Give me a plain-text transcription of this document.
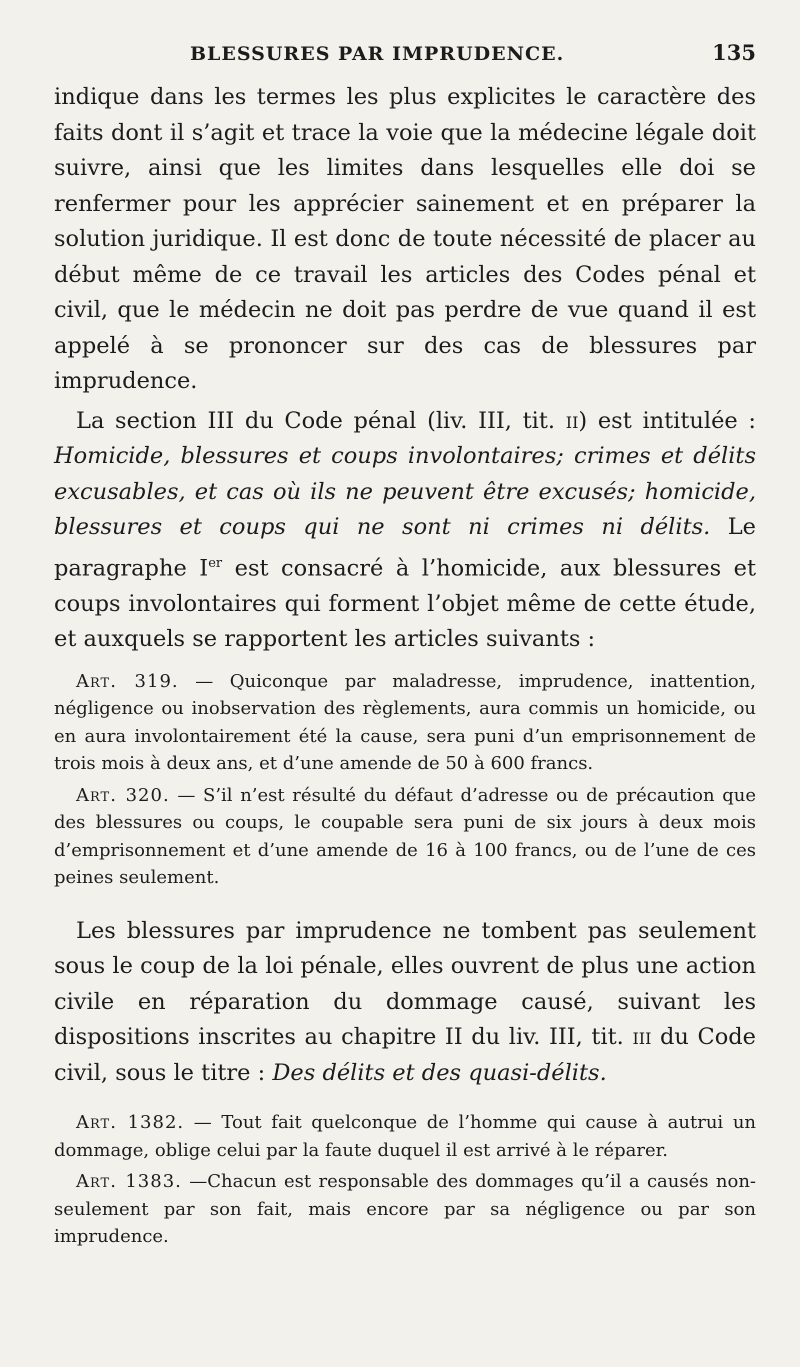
BLESSURES PAR IMPRUDENCE.	135

indique dans les termes les plus explicites le caractère des faits dont il s’agit et trace la voie que la médecine légale doit suivre, ainsi que les limites dans lesquelles elle doi se renfermer pour les apprécier sainement et en préparer la solution juridique. Il est donc de toute nécessité de placer au début même de ce travail les articles des Codes pénal et civil, que le médecin ne doit pas perdre de vue quand il est appelé à se prononcer sur des cas de blessures par imprudence.

La section III du Code pénal (liv. III, tit. ii) est intitulée : Homicide, blessures et coups involontaires; crimes et délits excusables, et cas où ils ne peuvent être excusés; homicide, blessures et coups qui ne sont ni crimes ni délits. Le paragraphe Ier est consacré à l’homicide, aux blessures et coups involontaires qui forment l’objet même de cette étude, et auxquels se rapportent les articles suivants :

Art. 319. — Quiconque par maladresse, imprudence, inattention, négligence ou inobservation des règlements, aura commis un homicide, ou en aura involontairement été la cause, sera puni d’un emprisonnement de trois mois à deux ans, et d’une amende de 50 à 600 francs.

Art. 320. — S’il n’est résulté du défaut d’adresse ou de précaution que des blessures ou coups, le coupable sera puni de six jours à deux mois d’emprisonnement et d’une amende de 16 à 100 francs, ou de l’une de ces peines seulement.

Les blessures par imprudence ne tombent pas seulement sous le coup de la loi pénale, elles ouvrent de plus une action civile en réparation du dommage causé, suivant les dispositions inscrites au chapitre II du liv. III, tit. iii du Code civil, sous le titre : Des délits et des quasi-délits.

Art. 1382. — Tout fait quelconque de l’homme qui cause à autrui un dommage, oblige celui par la faute duquel il est arrivé à le réparer.

Art. 1383. —Chacun est responsable des dommages qu’il a causés non-seulement par son fait, mais encore par sa négligence ou par son imprudence.
